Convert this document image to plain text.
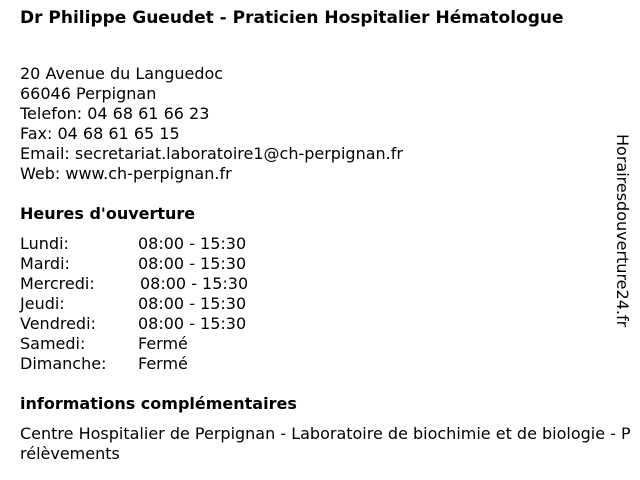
Dr Philippe Gueudet - Praticien Hospitalier Hématologue
20 Avenue du Languedoc
66046 Perpignan
Telefon: 04 68 61 66 23
Fax: 04 68 61 65 15
Email: secretariat.laboratoire1@ch-perpignan.fr
Web: www.ch-perpignan.fr
Heures d'ouverture
Lundi:	08:00 - 15:30
Mardi:	08:00 - 15:30
Mercredi:	08:00 - 15:30
Jeudi:	08:00 - 15:30
Vendredi:	08:00 - 15:30
Samedi:	Fermé
Dimanche: Fermé
informations complémentaires
Centre Hospitalier de Perpignan - Laboratoire de biochimie et de biologie - Prélèvements
Horairesdouverture24.fr
